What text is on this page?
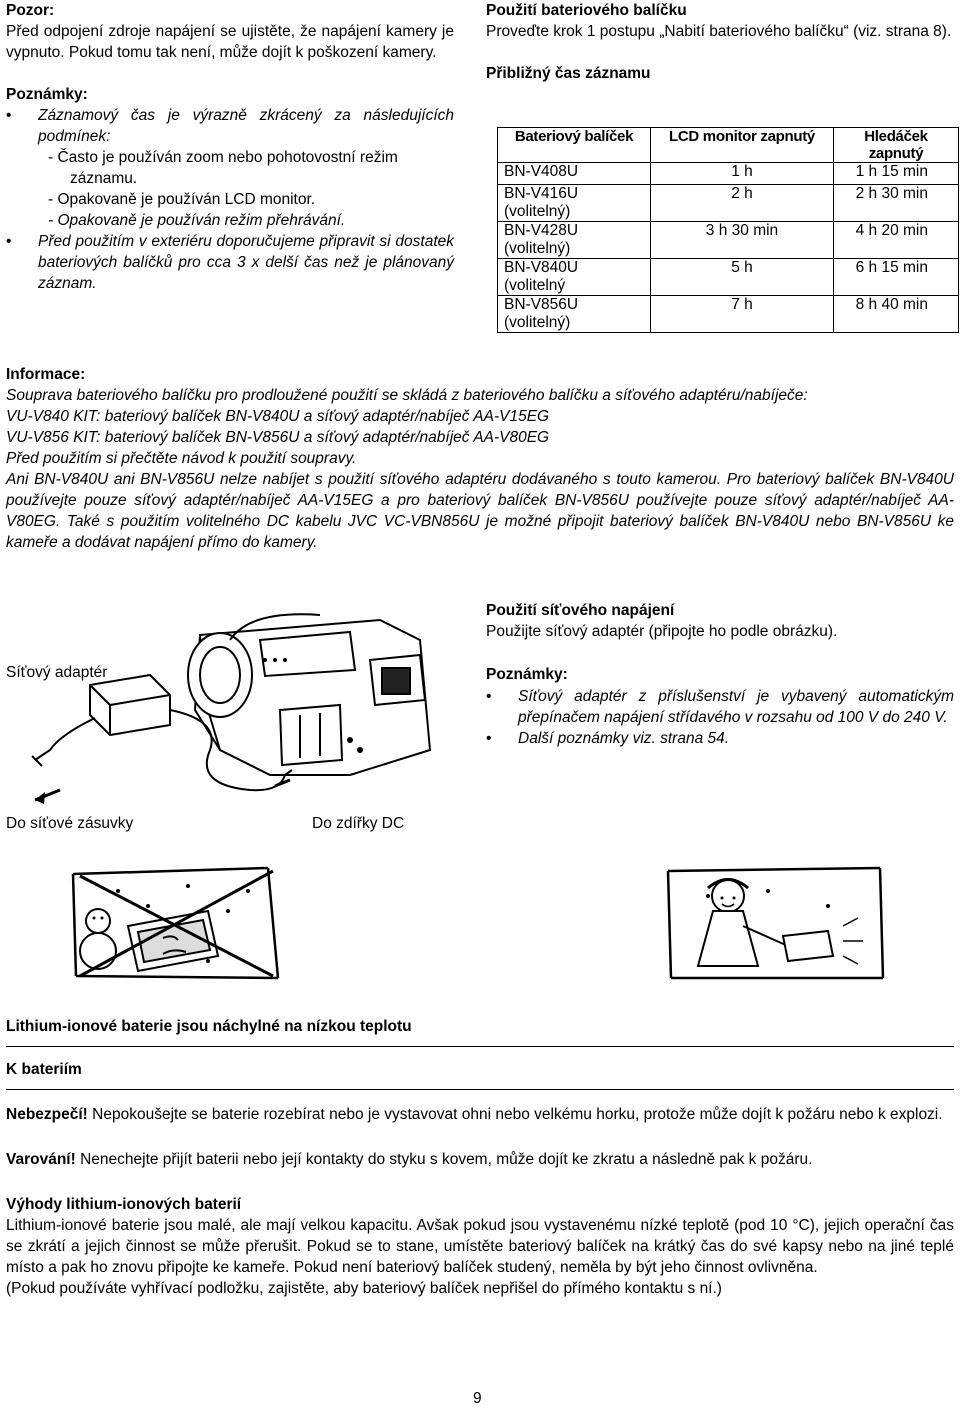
Pozor:
Před odpojení zdroje napájení se ujistěte, že napájení kamery je vypnuto. Pokud tomu tak není, může dojít k poškození kamery.
Poznámky:
• Záznamový čas je výrazně zkrácený za následujících podmínek:
- Často je používán zoom nebo pohotovostní režim záznamu.
- Opakovaně je používán LCD monitor.
- Opakovaně je používán režim přehrávání.
• Před použitím v exteriéru doporučujeme připravit si dostatek bateriových balíčků pro cca 3 x delší čas než je plánovaný záznam.
Použití bateriového balíčku
Proveďte krok 1 postupu „Nabití bateriového balíčku“ (viz. strana 8).
Přibližný čas záznamu
Bateriový balíček	LCD monitor zapnutý	Hledáček zapnutý

BN-V408U	1 h	1 h 15 min

BN-V416U
(volitelný)	2 h	2 h 30 min

BN-V428U
(volitelný)	3 h 30 min	4 h 20 min

BN-V840U
(volitelný	5 h	6 h 15 min

BN-V856U
(volitelný)	7 h	8 h 40 min
Informace:
Souprava bateriového balíčku pro prodloužené použití se skládá z bateriového balíčku a síťového adaptéru/nabíječe:
VU-V840 KIT: bateriový balíček BN-V840U a síťový adaptér/nabíječ AA-V15EG
VU-V856 KIT: bateriový balíček BN-V856U a síťový adaptér/nabíječ AA-V80EG
Před použitím si přečtěte návod k použití soupravy.
Ani BN-V840U ani BN-V856U nelze nabíjet s použití síťového adaptéru dodávaného s touto kamerou. Pro bateriový balíček BN-V840U používejte pouze síťový adaptér/nabíječ AA-V15EG a pro bateriový balíček BN-V856U používejte pouze síťový adaptér/nabíječ AA-V80EG. Také s použitím volitelného DC kabelu JVC VC-VBN856U je možné připojit bateriový balíček BN-V840U nebo BN-V856U ke kameře a dodávat napájení přímo do kamery.
Síťový adaptér
Do síťové zásuvky	Do zdířky DC
Použití síťového napájení
Použijte síťový adaptér (připojte ho podle obrázku).
Poznámky:
• Síťový adaptér z příslušenství je vybavený automatickým přepínačem napájení střídavého v rozsahu od 100 V do 240 V.
• Další poznámky viz. strana 54.
Lithium-ionové baterie jsou náchylné na nízkou teplotu
K bateriím
Nebezpečí! Nepokoušejte se baterie rozebírat nebo je vystavovat ohni nebo velkému horku, protože může dojít k požáru nebo k explozi.
Varování! Nenechejte přijít baterii nebo její kontakty do styku s kovem, může dojít ke zkratu a následně pak k požáru.
Výhody lithium-ionových baterií
Lithium-ionové baterie jsou malé, ale mají velkou kapacitu. Avšak pokud jsou vystavenému nízké teplotě (pod 10 °C), jejich operační čas se zkrátí a jejich činnost se může přerušit. Pokud se to stane, umístěte bateriový balíček na krátký čas do své kapsy nebo na jiné teplé místo a pak ho znovu připojte ke kameře. Pokud není bateriový balíček studený, neměla by být jeho činnost ovlivněna.
(Pokud používáte vyhřívací podložku, zajistěte, aby bateriový balíček nepřišel do přímého kontaktu s ní.)
9
